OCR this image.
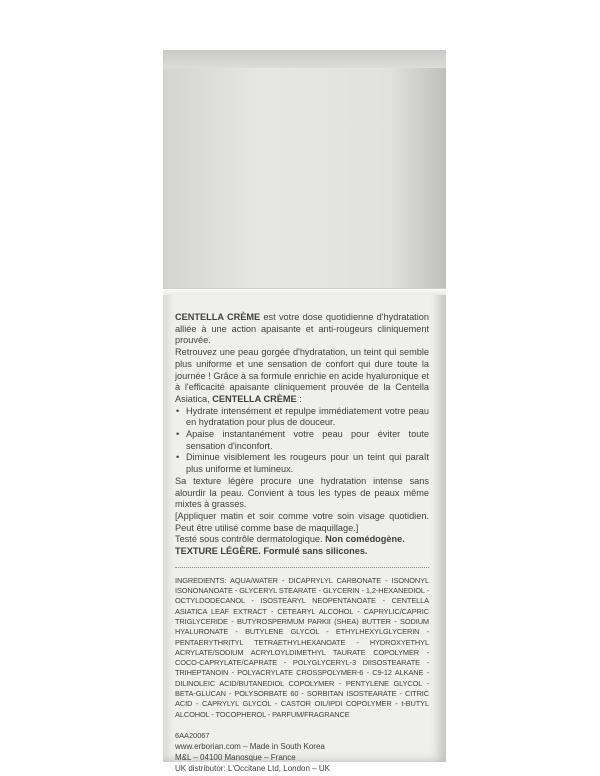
CENTELLA CRÈME est votre dose quotidienne d'hydratation alliée à une action apaisante et anti-rougeurs cliniquement prouvée.

Retrouvez une peau gorgée d'hydratation, un teint qui semble plus uniforme et une sensation de confort qui dure toute la journée ! Grâce à sa formule enrichie en acide hyaluronique et à l'efficacité apaisante cliniquement prouvée de la Centella Asiatica, CENTELLA CRÈME :

• Hydrate intensément et repulpe immédiatement votre peau en hydratation pour plus de douceur.
• Apaise instantanément votre peau pour éviter toute sensation d'inconfort.
• Diminue visiblement les rougeurs pour un teint qui paraît plus uniforme et lumineux.

Sa texture légère procure une hydratation intense sans alourdir la peau. Convient à tous les types de peaux même mixtes à grasses.

[Appliquer matin et soir comme votre soin visage quotidien. Peut être utilisé comme base de maquillage.]

Testé sous contrôle dermatologique. Non comédogène.

TEXTURE LÉGÈRE. Formulé sans silicones.

INGREDIENTS: AQUA/WATER - DICAPRYLYL CARBONATE - ISONONYL ISONONANOATE - GLYCERYL STEARATE - GLYCERIN - 1,2-HEXANEDIOL - OCTYLDODECANOL - ISOSTEARYL NEOPENTANOATE - CENTELLA ASIATICA LEAF EXTRACT - CETEARYL ALCOHOL - CAPRYLIC/CAPRIC TRIGLYCERIDE - BUTYROSPERMUM PARKII (SHEA) BUTTER - SODIUM HYALURONATE - BUTYLENE GLYCOL - ETHYLHEXYLGLYCERIN - PENTAERYTHRITYL TETRAETHYLHEXANOATE - HYDROXYETHYL ACRYLATE/SODIUM ACRYLOYLDIMETHYL TAURATE COPOLYMER - COCO-CAPRYLATE/CAPRATE - POLYGLYCERYL-3 DIISOSTEARATE - TRIHEPTANOIN - POLYACRYLATE CROSSPOLYMER-6 - C9-12 ALKANE - DILINOLEIC ACID/BUTANEDIOL COPOLYMER - PENTYLENE GLYCOL - BETA-GLUCAN - POLYSORBATE 60 - SORBITAN ISOSTEARATE - CITRIC ACID - CAPRYLYL GLYCOL - CASTOR OIL/IPDI COPOLYMER - t-BUTYL ALCOHOL - TOCOPHEROL - PARFUM/FRAGRANCE

6AA20067
www.erborian.com – Made in South Korea
M&L – 04100 Manosque – France
UK distributor: L'Occitane Ltd, London – UK
